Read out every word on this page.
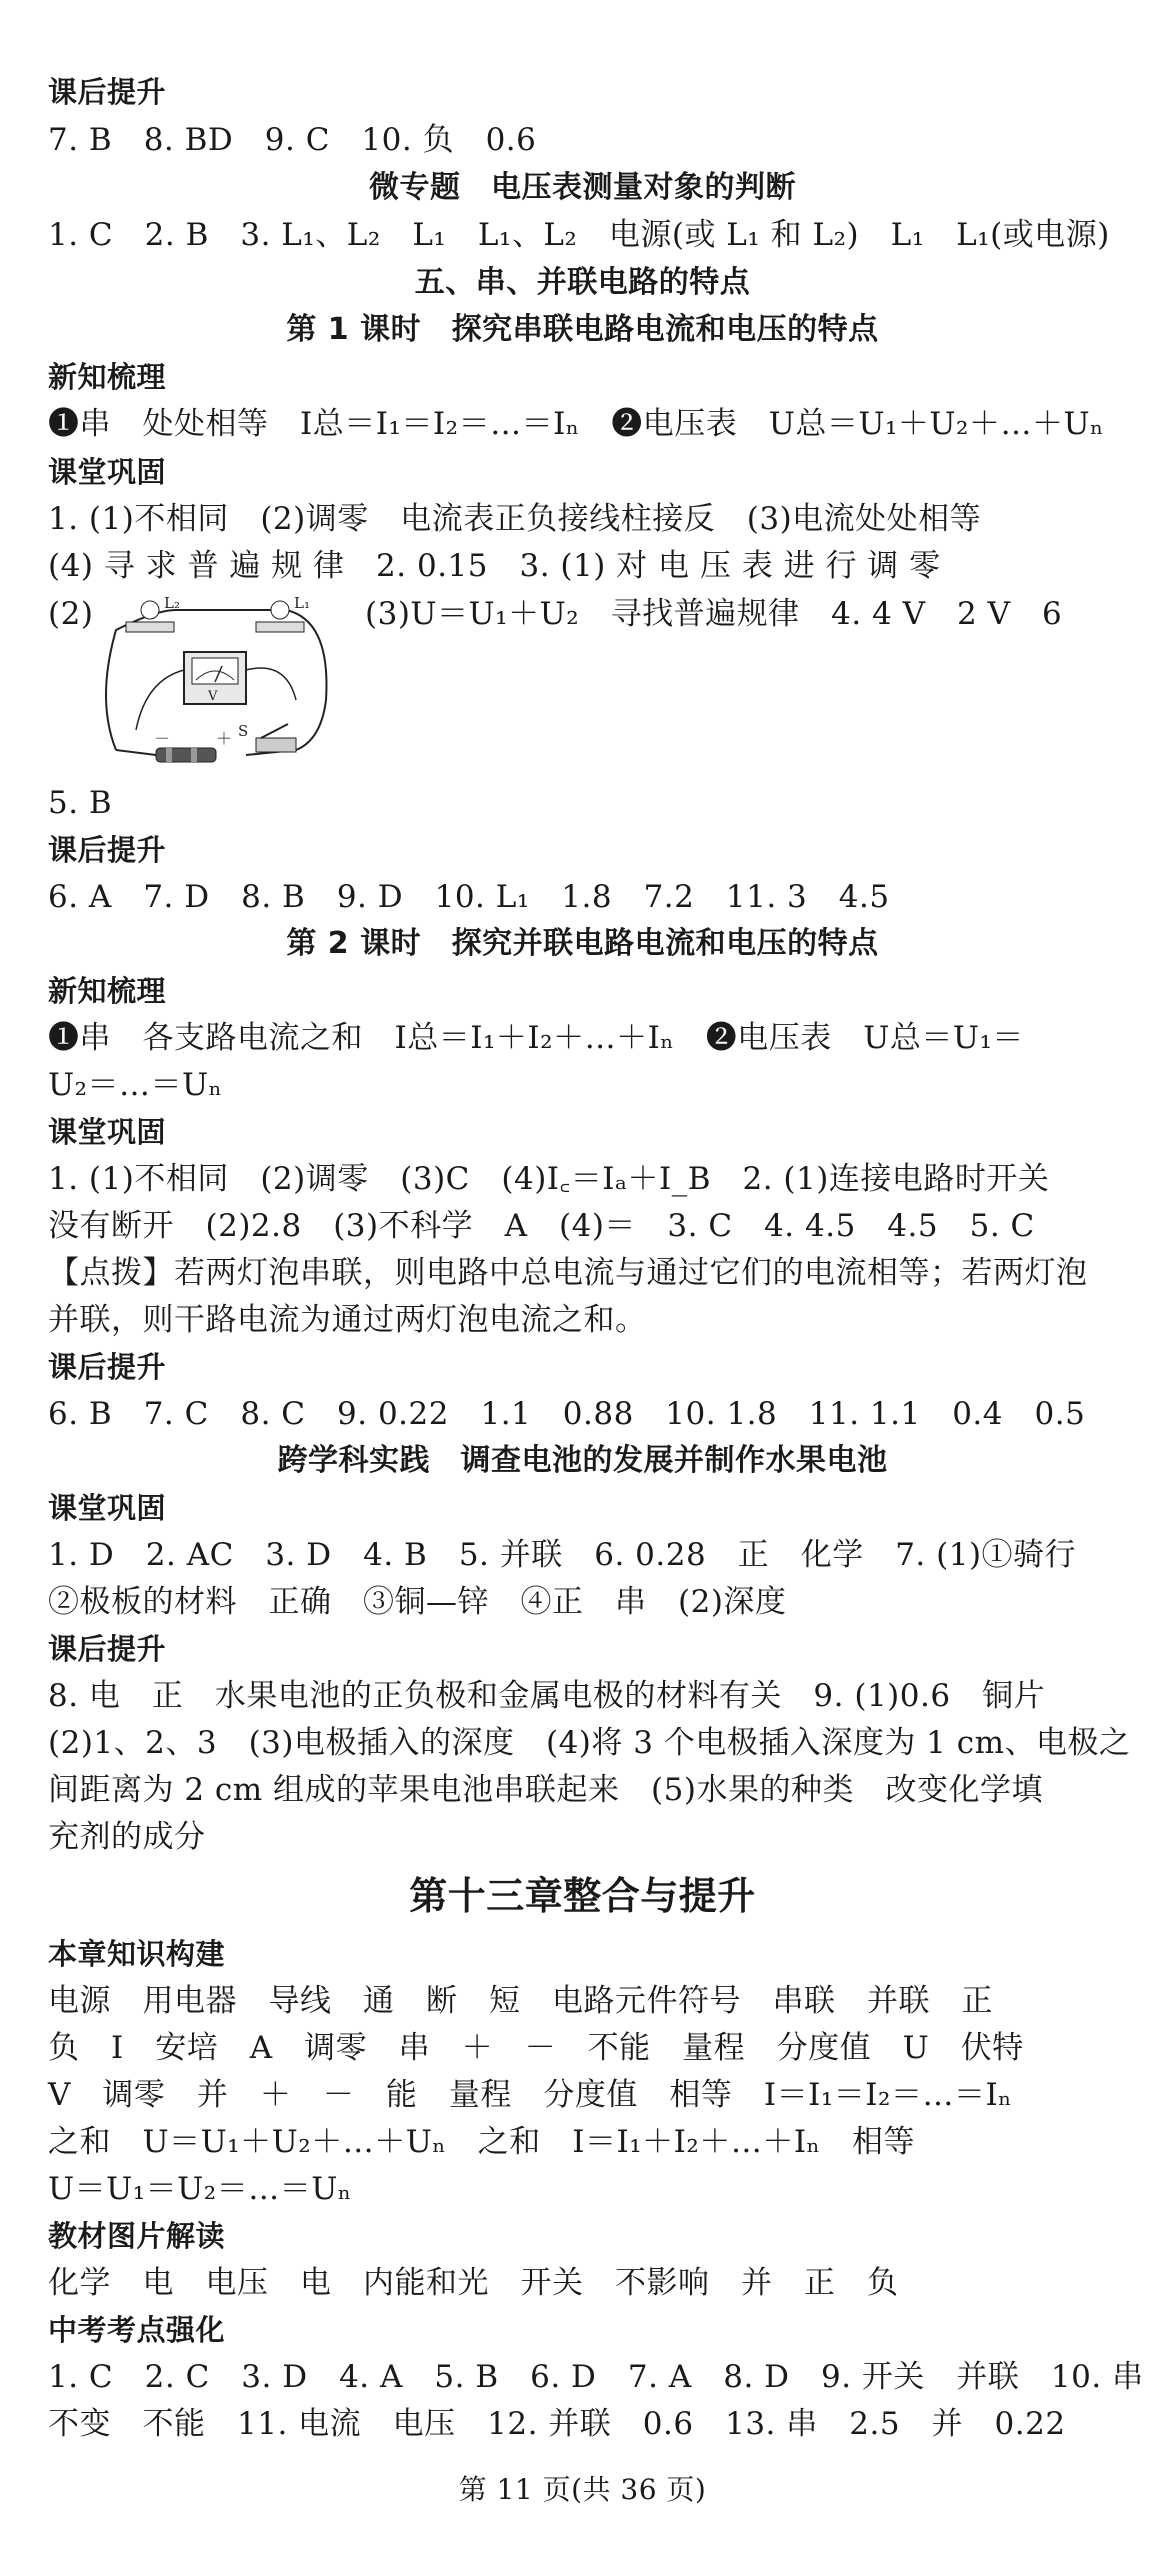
课后提升
7. B　8. BD　9. C　10. 负　0.6
微专题　电压表测量对象的判断
1. C　2. B　3. L₁、L₂　L₁　L₁、L₂　电源(或 L₁ 和 L₂)　L₁　L₁(或电源)
五、串、并联电路的特点
第 1 课时　探究串联电路电流和电压的特点
新知梳理
❶串　处处相等　I总＝I₁＝I₂＝…＝Iₙ　❷电压表　U总＝U₁＋U₂＋…＋Uₙ
课堂巩固
1. (1)不相同　(2)调零　电流表正负接线柱接反　(3)电流处处相等
(4) 寻 求 普 遍 规 律　2. 0.15　3. (1) 对 电 压 表 进 行 调 零
(3)U＝U₁＋U₂　寻找普遍规律　4. 4 V　2 V　6
(2)
－	＋
L₂	L₁
V
S
5. B
课后提升
6. A　7. D　8. B　9. D　10. L₁　1.8　7.2　11. 3　4.5
第 2 课时　探究并联电路电流和电压的特点
新知梳理
❶串　各支路电流之和　I总＝I₁＋I₂＋…＋Iₙ　❷电压表　U总＝U₁＝
U₂＝…＝Uₙ
课堂巩固
1. (1)不相同　(2)调零　(3)C　(4)I꜀＝Iₐ＋I_B　2. (1)连接电路时开关
没有断开　(2)2.8　(3)不科学　A　(4)＝　3. C　4. 4.5　4.5　5. C
【点拨】若两灯泡串联，则电路中总电流与通过它们的电流相等；若两灯泡
并联，则干路电流为通过两灯泡电流之和。
课后提升
6. B　7. C　8. C　9. 0.22　1.1　0.88　10. 1.8　11. 1.1　0.4　0.5
跨学科实践　调查电池的发展并制作水果电池
课堂巩固
1. D　2. AC　3. D　4. B　5. 并联　6. 0.28　正　化学　7. (1)①骑行
②极板的材料　正确　③铜—锌　④正　串　(2)深度
课后提升
8. 电　正　水果电池的正负极和金属电极的材料有关　9. (1)0.6　铜片
(2)1、2、3　(3)电极插入的深度　(4)将 3 个电极插入深度为 1 cm、电极之
间距离为 2 cm 组成的苹果电池串联起来　(5)水果的种类　改变化学填
充剂的成分
第十三章整合与提升
本章知识构建
电源　用电器　导线　通　断　短　电路元件符号　串联　并联　正
负　I　安培　A　调零　串　＋　－　不能　量程　分度值　U　伏特
V　调零　并　＋　－　能　量程　分度值　相等　I＝I₁＝I₂＝…＝Iₙ
之和　U＝U₁＋U₂＋…＋Uₙ　之和　I＝I₁＋I₂＋…＋Iₙ　相等
U＝U₁＝U₂＝…＝Uₙ
教材图片解读
化学　电　电压　电　内能和光　开关　不影响　并　正　负
中考考点强化
1. C　2. C　3. D　4. A　5. B　6. D　7. A　8. D　9. 开关　并联　10. 串
不变　不能　11. 电流　电压　12. 并联　0.6　13. 串　2.5　并　0.22
第 11 页(共 36 页)
